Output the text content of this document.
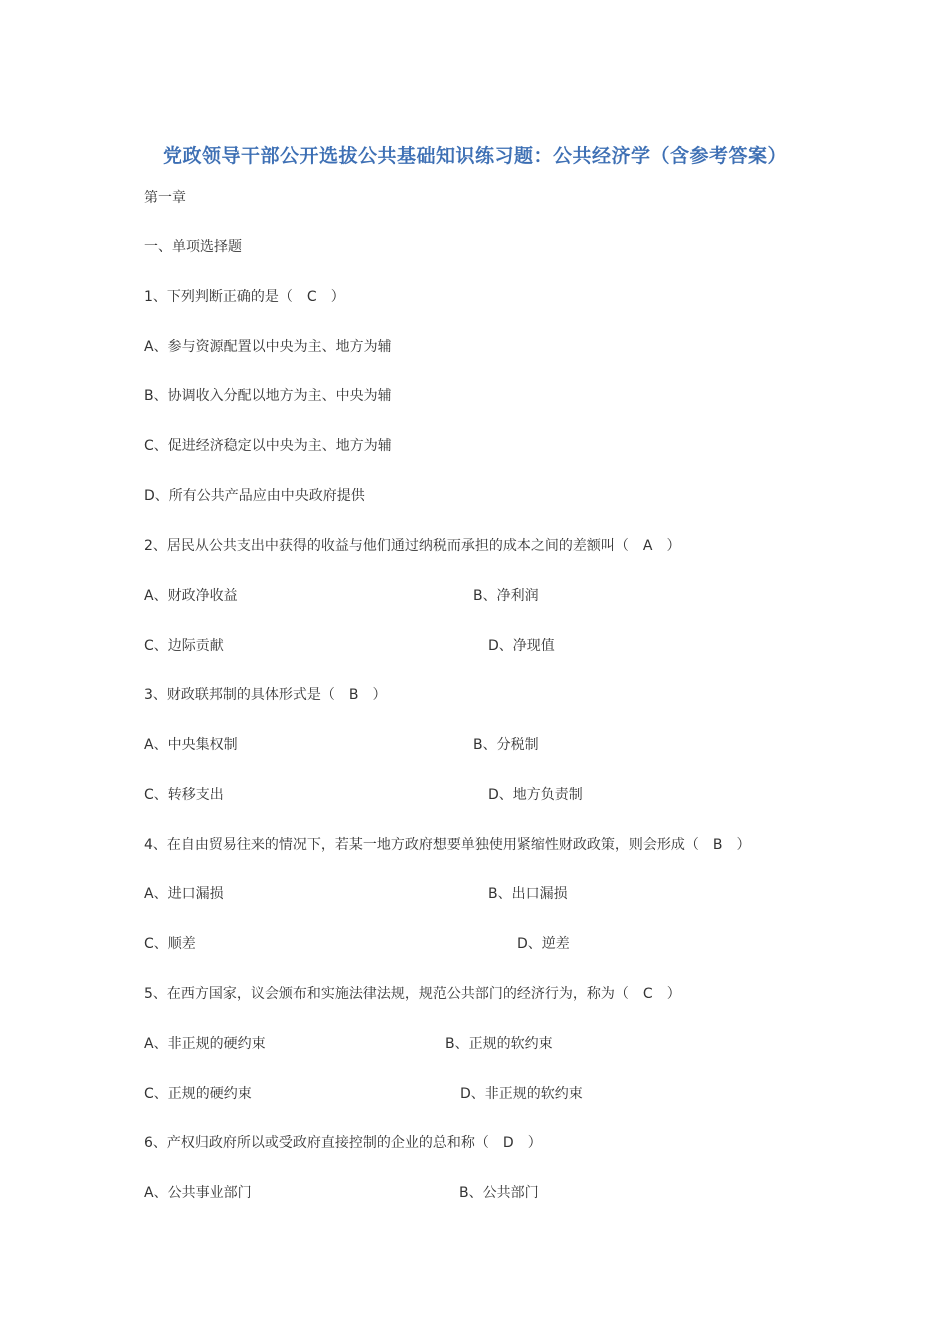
党政领导干部公开选拔公共基础知识练习题：公共经济学（含参考答案）
第一章
一、单项选择题
1、下列判断正确的是（ C ）
A、参与资源配置以中央为主、地方为辅
B、协调收入分配以地方为主、中央为辅
C、促进经济稳定以中央为主、地方为辅
D、所有公共产品应由中央政府提供
2、居民从公共支出中获得的收益与他们通过纳税而承担的成本之间的差额叫（ A ）
A、财政净收益	B、净利润
C、边际贡献	D、净现值
3、财政联邦制的具体形式是（ B ）
A、中央集权制	B、分税制
C、转移支出	D、地方负责制
4、在自由贸易往来的情况下，若某一地方政府想要单独使用紧缩性财政政策，则会形成（ B ）
A、进口漏损	B、出口漏损
C、顺差	D、逆差
5、在西方国家，议会颁布和实施法律法规，规范公共部门的经济行为，称为（ C ）
A、非正规的硬约束	B、正规的软约束
C、正规的硬约束	D、非正规的软约束
6、产权归政府所以或受政府直接控制的企业的总和称（ D ）
A、公共事业部门	B、公共部门
